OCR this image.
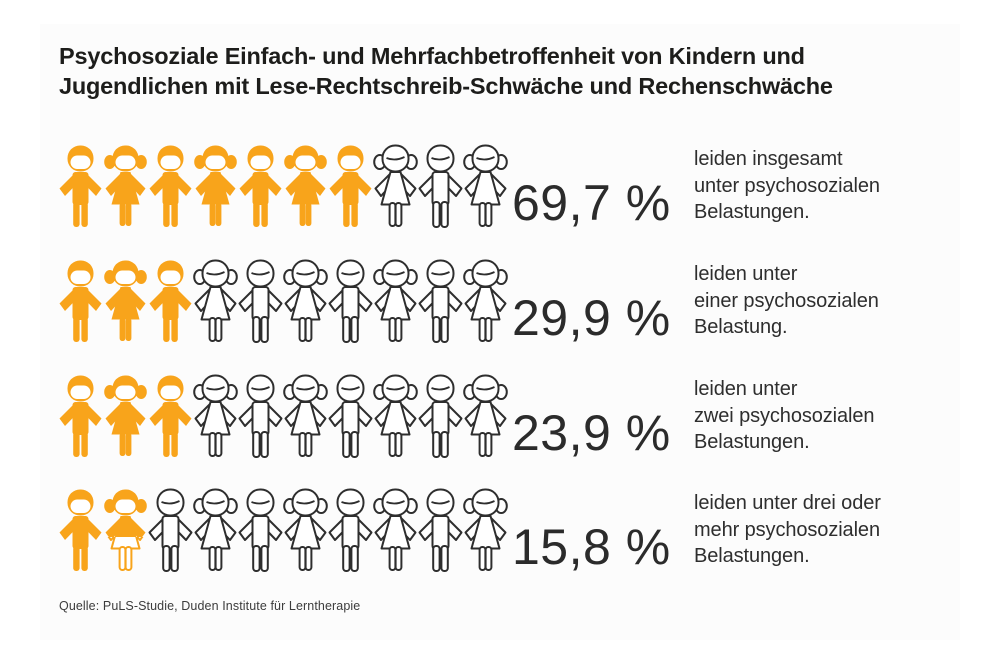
Psychosoziale Einfach- und Mehrfachbetroffenheit von Kindern und
Jugendlichen mit Lese-Rechtschreib-Schwäche und Rechenschwäche
69,7 %
leiden insgesamt
unter psychosozialen
Belastungen.
29,9 %
leiden unter
einer psychosozialen
Belastung.
23,9 %
leiden unter
zwei psychosozialen
Belastungen.
15,8 %
leiden unter drei oder
mehr psychosozialen
Belastungen.
Quelle: PuLS-Studie, Duden Institute für Lerntherapie
